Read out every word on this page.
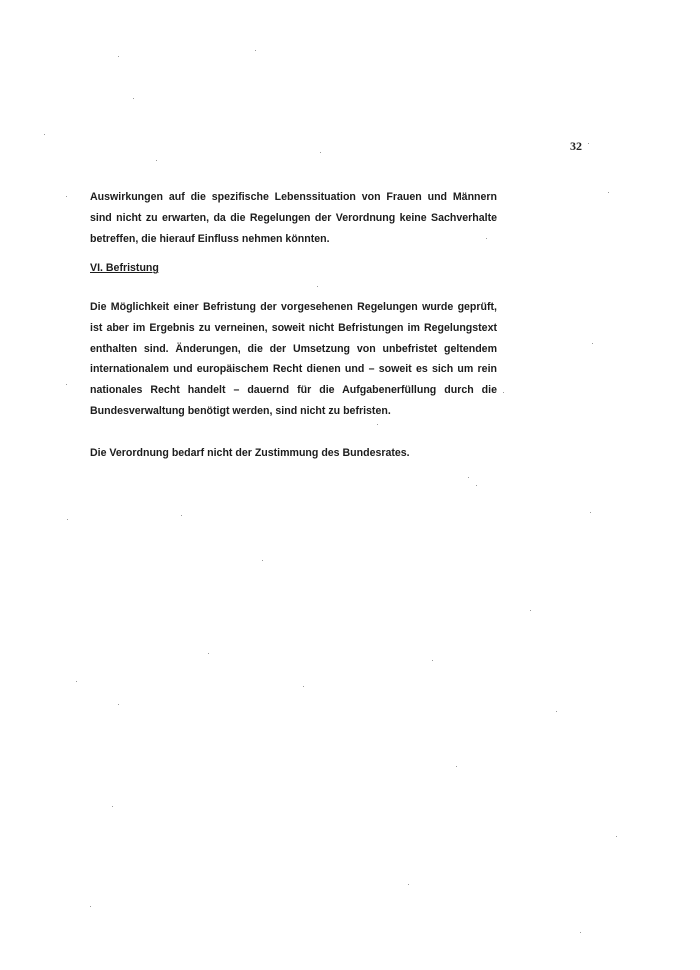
32

Auswirkungen auf die spezifische Lebenssituation von Frauen und Männern sind nicht zu erwarten, da die Regelungen der Verordnung keine Sachverhalte betreffen, die hierauf Einfluss nehmen könnten.

VI. Befristung

Die Möglichkeit einer Befristung der vorgesehenen Regelungen wurde geprüft, ist aber im Ergebnis zu verneinen, soweit nicht Befristungen im Regelungstext enthalten sind. Änderungen, die der Umsetzung von unbefristet geltendem internationalem und europäischem Recht dienen und – soweit es sich um rein nationales Recht handelt – dauernd für die Aufgabenerfüllung durch die Bundesverwaltung benötigt werden, sind nicht zu befristen.

Die Verordnung bedarf nicht der Zustimmung des Bundesrates.
